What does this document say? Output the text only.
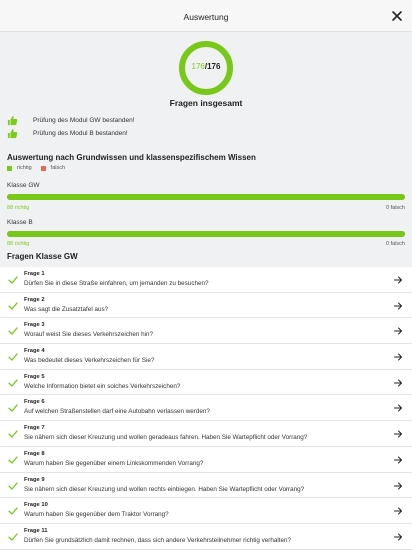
Auswertung
176/176
Fragen insgesamt
Prüfung des Modul GW bestanden!
Prüfung des Modul B bestanden!
Auswertung nach Grundwissen und klassenspezifischem Wissen
richtig	falsch
Klasse GW
88 richtig	0 falsch
Klasse B
88 richtig	0 falsch
Fragen Klasse GW
Frage 1
Dürfen Sie in diese Straße einfahren, um jemanden zu besuchen?
Frage 2
Was sagt die Zusatztafel aus?
Frage 3
Worauf weist Sie dieses Verkehrszeichen hin?
Frage 4
Was bedeutet dieses Verkehrszeichen für Sie?
Frage 5
Welche Information bietet ein solches Verkehrszeichen?
Frage 6
Auf welchen Straßenstellen darf eine Autobahn verlassen werden?
Frage 7
Sie nähern sich dieser Kreuzung und wollen geradeaus fahren. Haben Sie Wartepflicht oder Vorrang?
Frage 8
Warum haben Sie gegenüber einem Linkskommenden Vorrang?
Frage 9
Sie nähern sich dieser Kreuzung und wollen rechts einbiegen. Haben Sie Wartepflicht oder Vorrang?
Frage 10
Warum haben Sie gegenüber dem Traktor Vorrang?
Frage 11
Dürfen Sie grundsätzlich damit rechnen, dass sich andere Verkehrsteilnehmer richtig verhalten?
